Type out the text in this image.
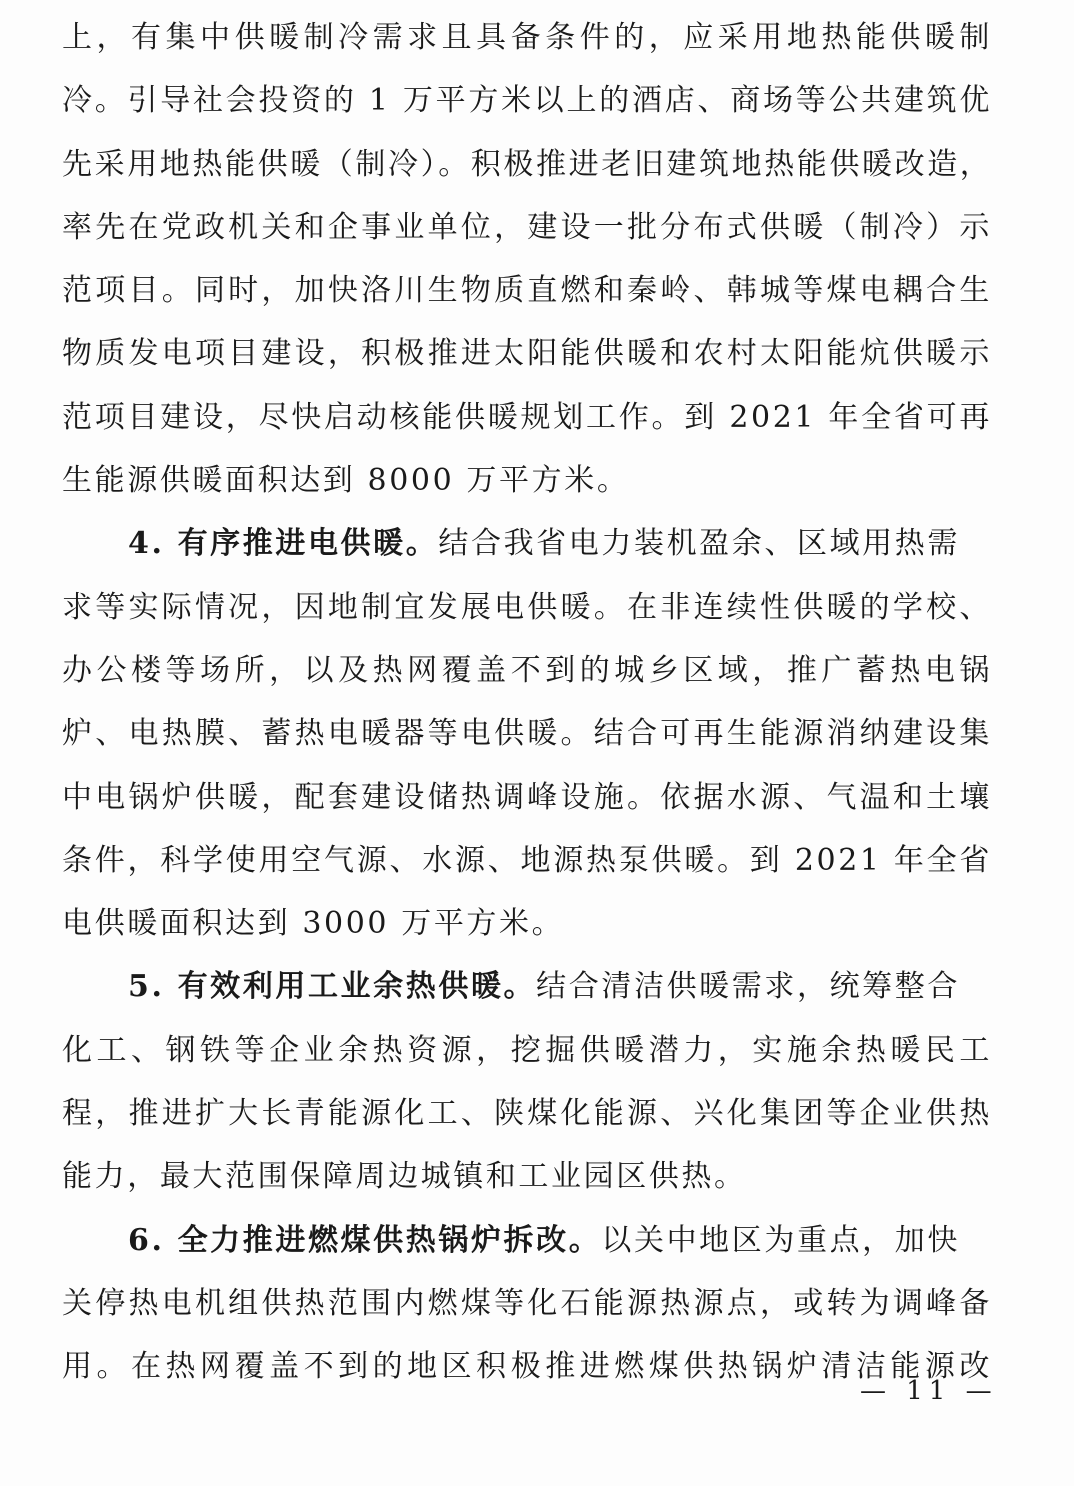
上，有集中供暖制冷需求且具备条件的，应采用地热能供暖制
冷。引导社会投资的 1 万平方米以上的酒店、商场等公共建筑优
先采用地热能供暖（制冷）。积极推进老旧建筑地热能供暖改造，
率先在党政机关和企事业单位，建设一批分布式供暖（制冷）示
范项目。同时，加快洛川生物质直燃和秦岭、韩城等煤电耦合生
物质发电项目建设，积极推进太阳能供暖和农村太阳能炕供暖示
范项目建设，尽快启动核能供暖规划工作。到 2021 年全省可再
生能源供暖面积达到 8000 万平方米。
4. 有序推进电供暖。结合我省电力装机盈余、区域用热需
求等实际情况，因地制宜发展电供暖。在非连续性供暖的学校、
办公楼等场所，以及热网覆盖不到的城乡区域，推广蓄热电锅
炉、电热膜、蓄热电暖器等电供暖。结合可再生能源消纳建设集
中电锅炉供暖，配套建设储热调峰设施。依据水源、气温和土壤
条件，科学使用空气源、水源、地源热泵供暖。到 2021 年全省
电供暖面积达到 3000 万平方米。
5. 有效利用工业余热供暖。结合清洁供暖需求，统筹整合
化工、钢铁等企业余热资源，挖掘供暖潜力，实施余热暖民工
程，推进扩大长青能源化工、陕煤化能源、兴化集团等企业供热
能力，最大范围保障周边城镇和工业园区供热。
6. 全力推进燃煤供热锅炉拆改。以关中地区为重点，加快
关停热电机组供热范围内燃煤等化石能源热源点，或转为调峰备
用。在热网覆盖不到的地区积极推进燃煤供热锅炉清洁能源改
— 11 —
